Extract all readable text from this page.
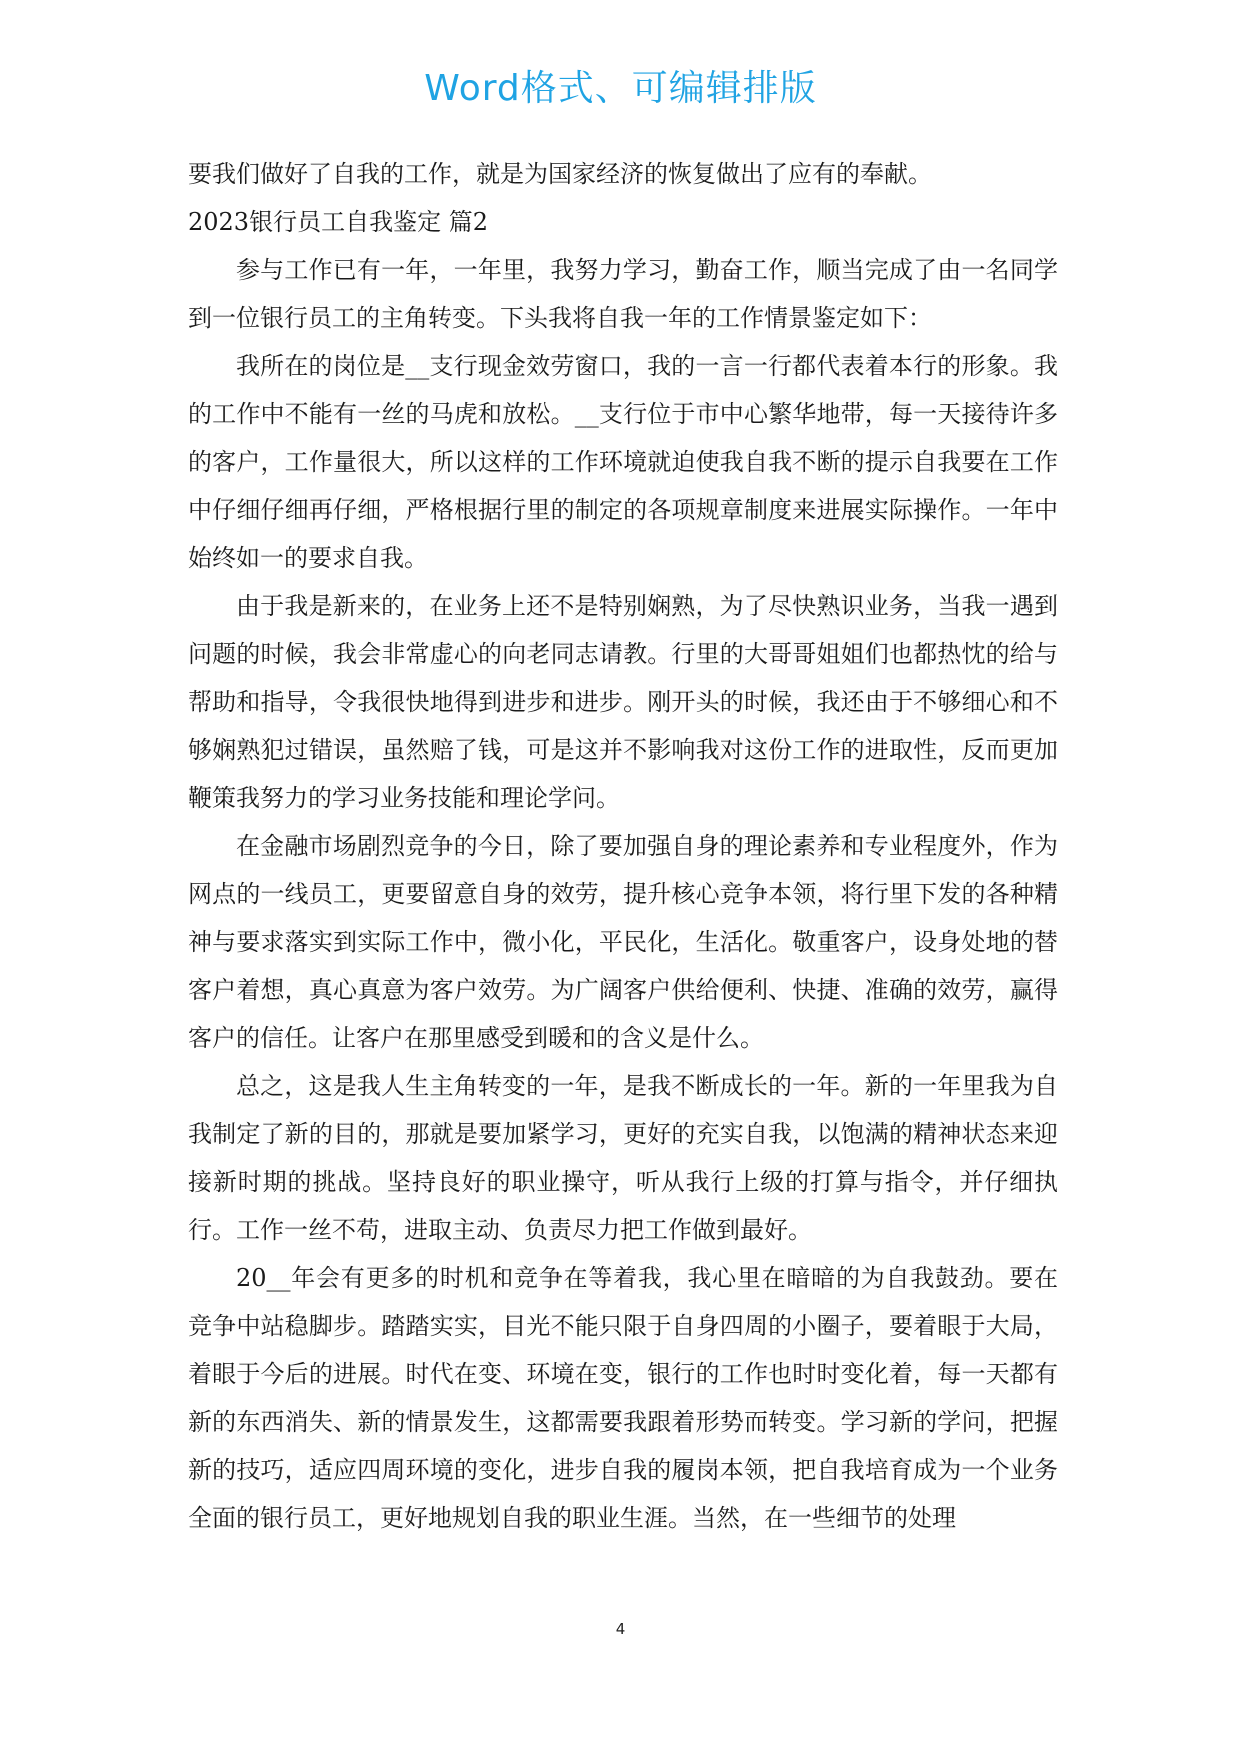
Word格式、可编辑排版

要我们做好了自我的工作，就是为国家经济的恢复做出了应有的奉献。

2023银行员工自我鉴定 篇2

参与工作已有一年，一年里，我努力学习，勤奋工作，顺当完成了由一名同学到一位银行员工的主角转变。下头我将自我一年的工作情景鉴定如下：

我所在的岗位是__支行现金效劳窗口，我的一言一行都代表着本行的形象。我的工作中不能有一丝的马虎和放松。__支行位于市中心繁华地带，每一天接待许多的客户，工作量很大，所以这样的工作环境就迫使我自我不断的提示自我要在工作中仔细仔细再仔细，严格根据行里的制定的各项规章制度来进展实际操作。一年中始终如一的要求自我。

由于我是新来的，在业务上还不是特别娴熟，为了尽快熟识业务，当我一遇到问题的时候，我会非常虚心的向老同志请教。行里的大哥哥姐姐们也都热忱的给与帮助和指导，令我很快地得到进步和进步。刚开头的时候，我还由于不够细心和不够娴熟犯过错误，虽然赔了钱，可是这并不影响我对这份工作的进取性，反而更加鞭策我努力的学习业务技能和理论学问。

在金融市场剧烈竞争的今日，除了要加强自身的理论素养和专业程度外，作为网点的一线员工，更要留意自身的效劳，提升核心竞争本领，将行里下发的各种精神与要求落实到实际工作中，微小化，平民化，生活化。敬重客户，设身处地的替客户着想，真心真意为客户效劳。为广阔客户供给便利、快捷、准确的效劳，赢得客户的信任。让客户在那里感受到暖和的含义是什么。

总之，这是我人生主角转变的一年，是我不断成长的一年。新的一年里我为自我制定了新的目的，那就是要加紧学习，更好的充实自我，以饱满的精神状态来迎接新时期的挑战。坚持良好的职业操守，听从我行上级的打算与指令，并仔细执行。工作一丝不苟，进取主动、负责尽力把工作做到最好。

20__年会有更多的时机和竞争在等着我，我心里在暗暗的为自我鼓劲。要在竞争中站稳脚步。踏踏实实，目光不能只限于自身四周的小圈子，要着眼于大局，着眼于今后的进展。时代在变、环境在变，银行的工作也时时变化着，每一天都有新的东西消失、新的情景发生，这都需要我跟着形势而转变。学习新的学问，把握新的技巧，适应四周环境的变化，进步自我的履岗本领，把自我培育成为一个业务全面的银行员工，更好地规划自我的职业生涯。当然，在一些细节的处理

4
